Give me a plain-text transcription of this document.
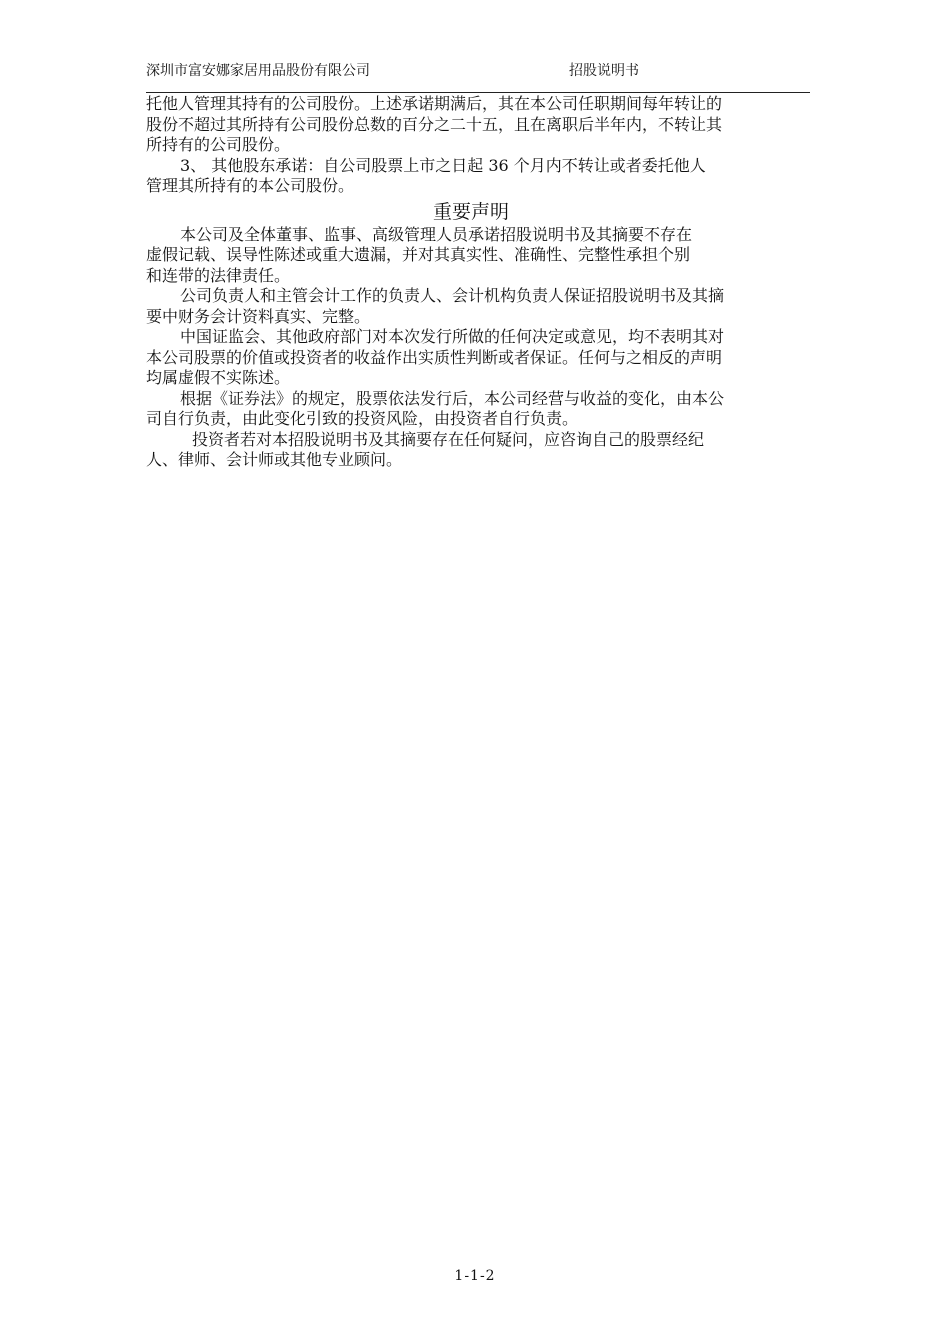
深圳市富安娜家居用品股份有限公司	招股说明书

托他人管理其持有的公司股份。上述承诺期满后，其在本公司任职期间每年转让的
股份不超过其所持有公司股份总数的百分之二十五，且在离职后半年内，不转让其
所持有的公司股份。

3、 其他股东承诺：自公司股票上市之日起 36 个月内不转让或者委托他人
管理其所持有的本公司股份。

重要声明

本公司及全体董事、监事、高级管理人员承诺招股说明书及其摘要不存在
虚假记载、误导性陈述或重大遗漏，并对其真实性、准确性、完整性承担个别
和连带的法律责任。

公司负责人和主管会计工作的负责人、会计机构负责人保证招股说明书及其摘
要中财务会计资料真实、完整。

中国证监会、其他政府部门对本次发行所做的任何决定或意见，均不表明其对
本公司股票的价值或投资者的收益作出实质性判断或者保证。任何与之相反的声明
均属虚假不实陈述。

根据《证券法》的规定，股票依法发行后，本公司经营与收益的变化，由本公
司自行负责，由此变化引致的投资风险，由投资者自行负责。

投资者若对本招股说明书及其摘要存在任何疑问，应咨询自己的股票经纪
人、律师、会计师或其他专业顾问。

1-1-2
